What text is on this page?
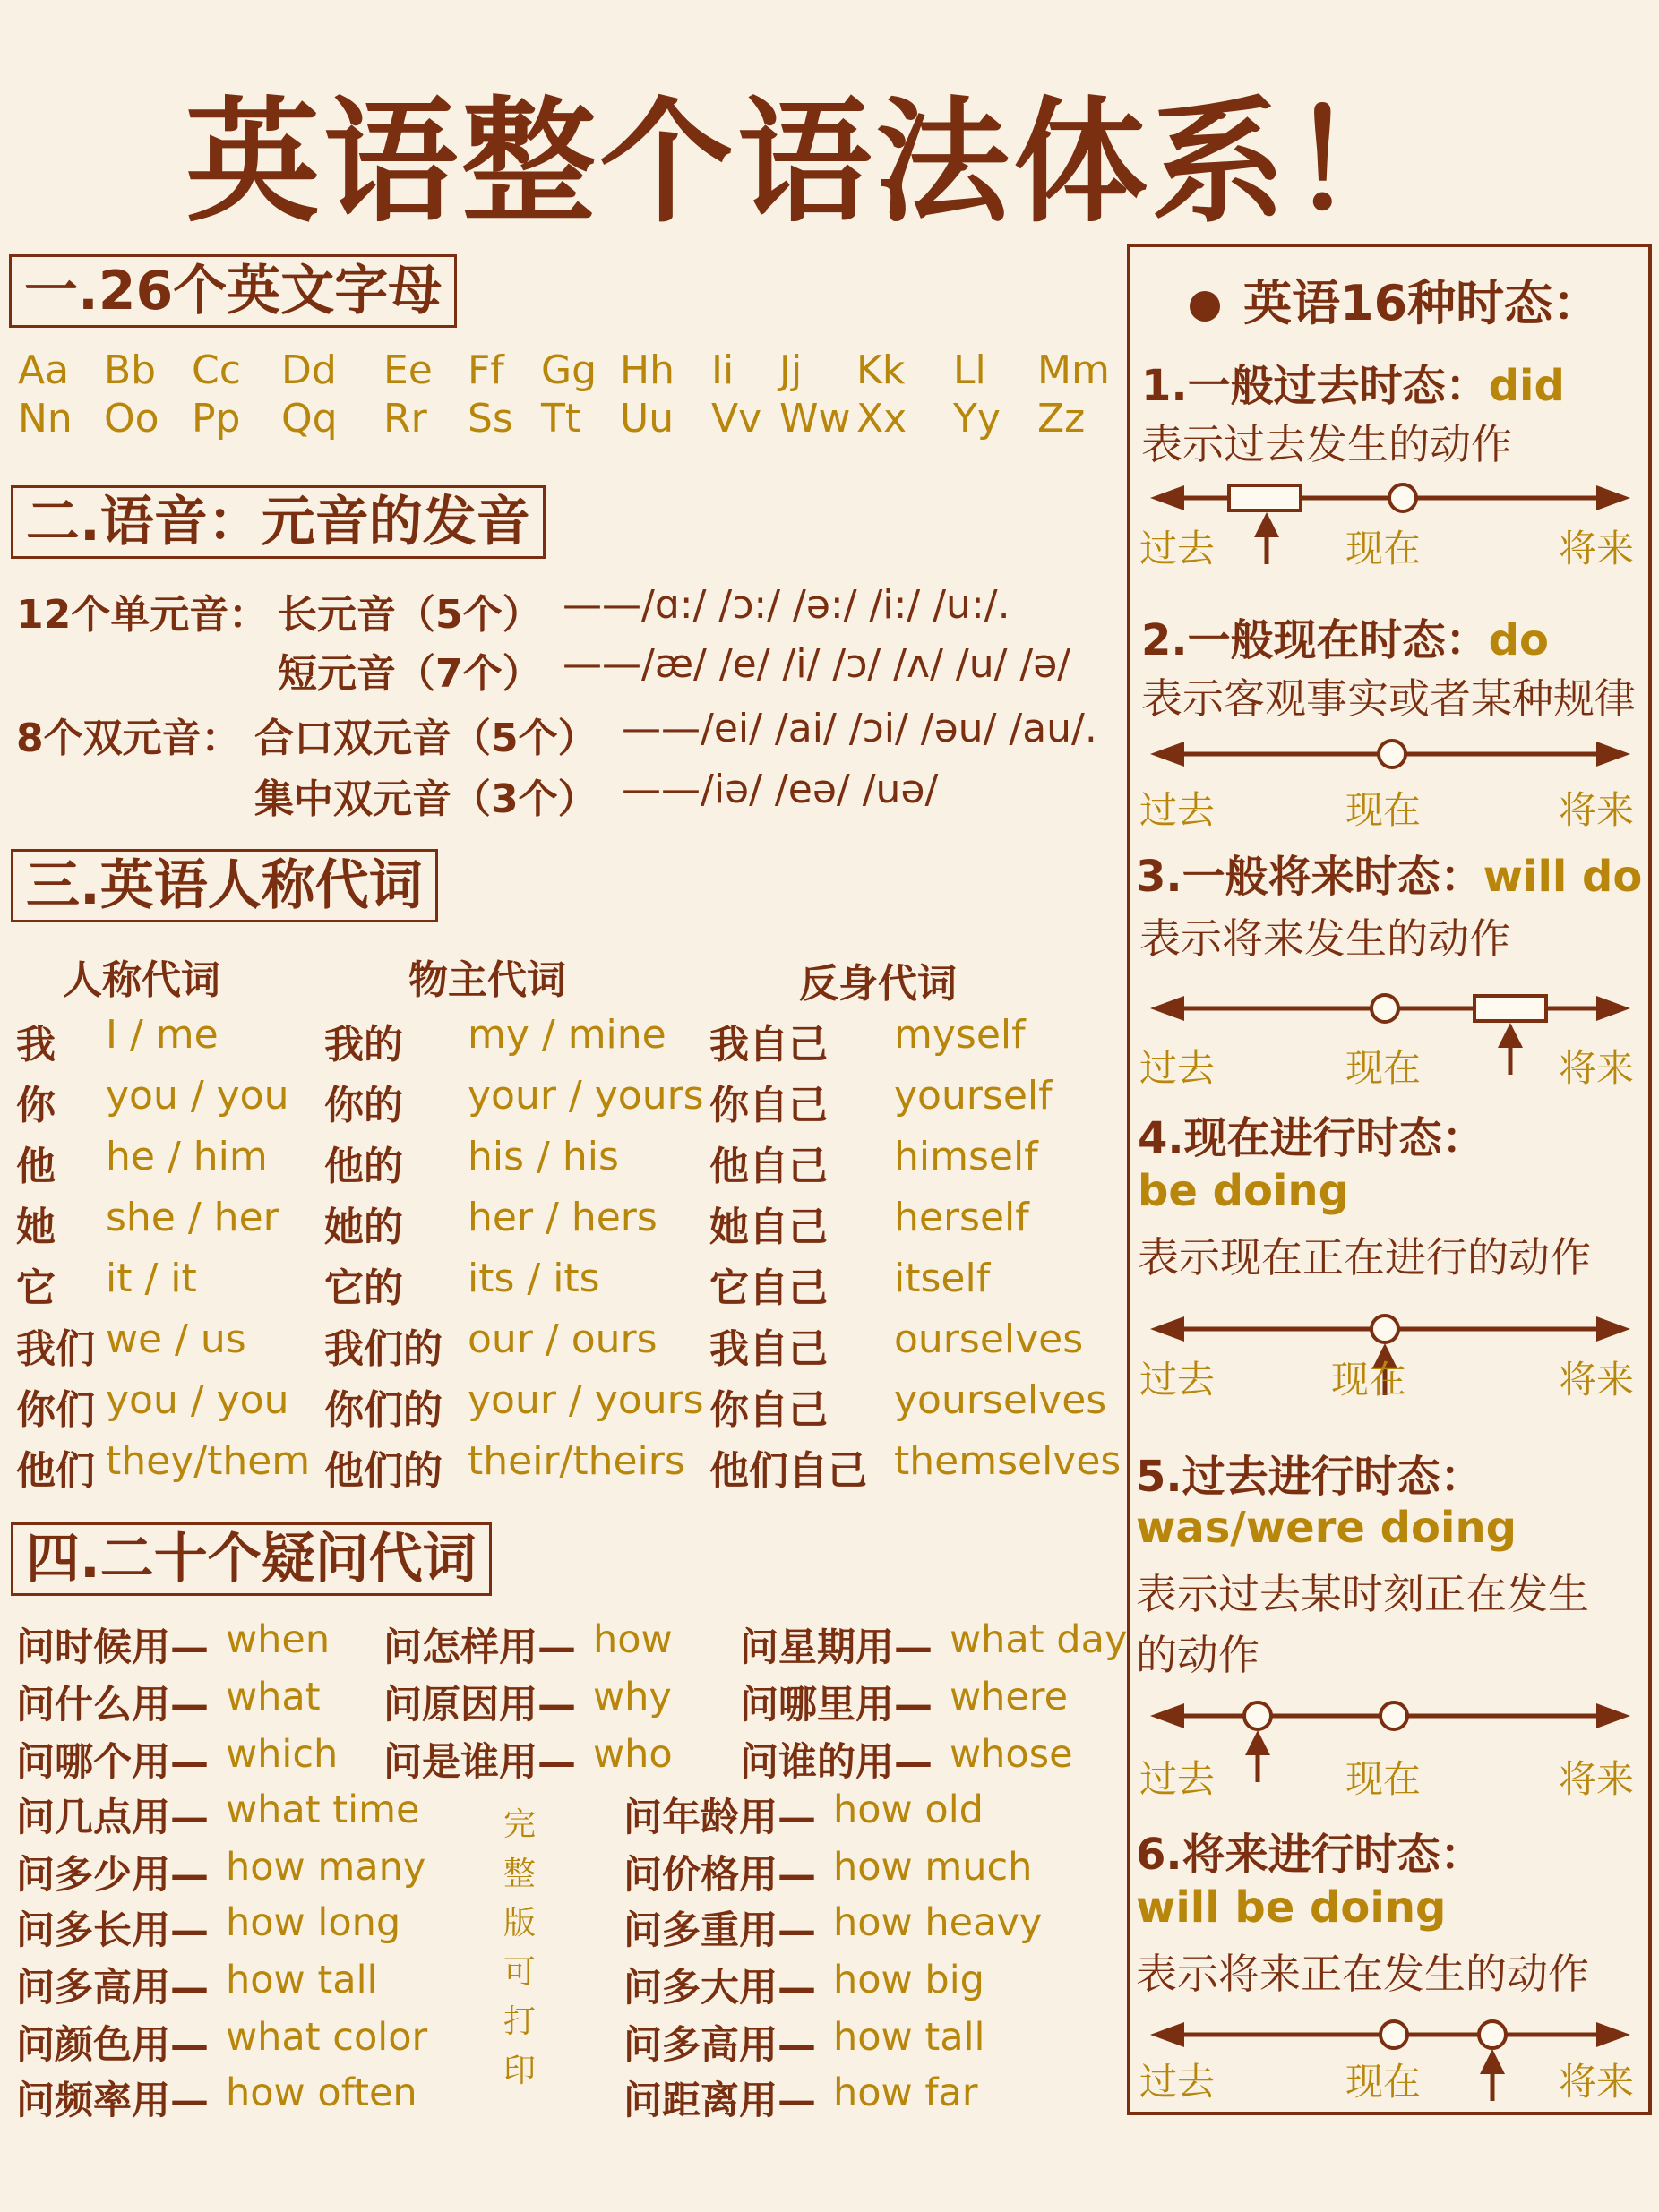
英语整个语法体系！
一.26个英文字母
Aa Bb Cc Dd Ee Ff Gg Hh Ii Jj Kk Ll Mm
Nn Oo Pp Qq Rr Ss Tt Uu Vv Ww Xx Yy Zz
二.语音：元音的发音
12个单元音： 长元音（5个） ——/ɑ:/ /ɔ:/ /ə:/ /i:/ /u:/.
短元音（7个） ——/æ/ /e/ /i/ /ɔ/ /ʌ/ /u/ /ə/
8个双元音： 合口双元音（5个） ——/ei/ /ai/ /ɔi/ /əu/ /au/.
集中双元音（3个） ——/iə/ /eə/ /uə/
三.英语人称代词
人称代词	物主代词	反身代词
我 I / me	我的 my / mine 我自己 myself
你 you / you 你的 your / yours 你自己 yourself
他 he / him 他的 his / his 他自己 himself
她 she / her 她的 her / hers 她自己 herself
它 it / it	它的 its / its	它自己 itself
我们 we / us 我们的 our / ours 我自己 ourselves
你们 you / you 你们的 your / yours 你自己 yourselves
他们 they/them 他们的 their/theirs 他们自己 themselves
四.二十个疑问代词
问时候用— when 问怎样用— how 问星期用— what day
问什么用— what 问原因用— why 问哪里用— where
问哪个用— which 问是谁用— who 问谁的用— whose
问几点用— what time
问多少用— how many
问多长用— how long
问多高用— how tall
问颜色用— what color
问频率用— how often
问年龄用— how old
问价格用— how much
问多重用— how heavy
问多大用— how big
问多高用— how tall
问距离用— how far
完
整
版
可
打
印
英语16种时态：
1.一般过去时态：did
表示过去发生的动作
2.一般现在时态：do
表示客观事实或者某种规律
3.一般将来时态：will do
表示将来发生的动作
4.现在进行时态：
be doing
表示现在正在进行的动作
5.过去进行时态：
was/were doing
表示过去某时刻正在发生
的动作
6.将来进行时态：
will be doing
表示将来正在发生的动作
过去	现在	将来
过去	现在	将来
过去	现在	将来
过去	现在	将来
过去	现在	将来
过去	现在	将来
